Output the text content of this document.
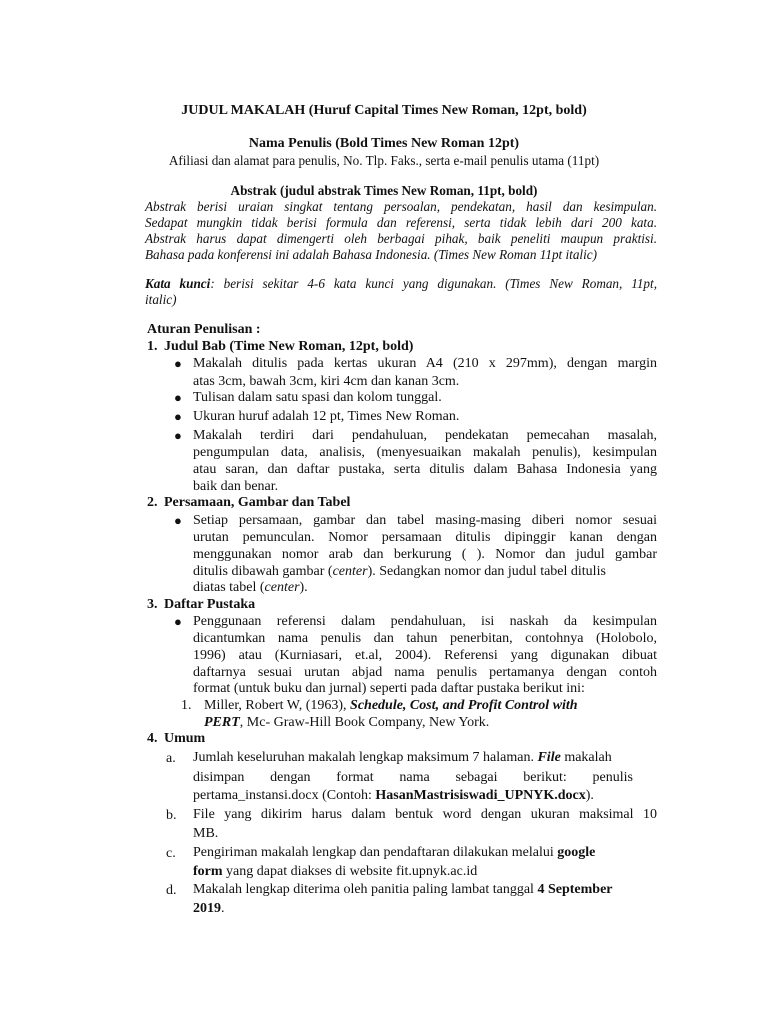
JUDUL MAKALAH (Huruf Capital Times New Roman, 12pt, bold)
Nama Penulis (Bold Times New Roman 12pt)
Afiliasi dan alamat para penulis, No. Tlp. Faks., serta e-mail penulis utama (11pt)
Abstrak (judul abstrak Times New Roman, 11pt, bold)
Abstrak berisi uraian singkat tentang persoalan, pendekatan, hasil dan kesimpulan.
Sedapat mungkin tidak berisi formula dan referensi, serta tidak lebih dari 200 kata.
Abstrak harus dapat dimengerti oleh berbagai pihak, baik peneliti maupun praktisi.
Bahasa pada konferensi ini adalah Bahasa Indonesia. (Times New Roman 11pt italic)
Kata kunci: berisi sekitar 4-6 kata kunci yang digunakan. (Times New Roman, 11pt,
italic)
Aturan Penulisan :
1. Judul Bab (Time New Roman, 12pt, bold)
● Makalah ditulis pada kertas ukuran A4 (210 x 297mm), dengan margin
atas 3cm, bawah 3cm, kiri 4cm dan kanan 3cm.
● Tulisan dalam satu spasi dan kolom tunggal.
● Ukuran huruf adalah 12 pt, Times New Roman.
● Makalah terdiri dari pendahuluan, pendekatan pemecahan masalah,
pengumpulan data, analisis, (menyesuaikan makalah penulis), kesimpulan
atau saran, dan daftar pustaka, serta ditulis dalam Bahasa Indonesia yang
baik dan benar.
2. Persamaan, Gambar dan Tabel
● Setiap persamaan, gambar dan tabel masing-masing diberi nomor sesuai
urutan pemunculan. Nomor persamaan ditulis dipinggir kanan dengan
menggunakan nomor arab dan berkurung ( ). Nomor dan judul gambar
ditulis dibawah gambar (center). Sedangkan nomor dan judul tabel ditulis
diatas tabel (center).
3. Daftar Pustaka
● Penggunaan referensi dalam pendahuluan, isi naskah da kesimpulan
dicantumkan nama penulis dan tahun penerbitan, contohnya (Holobolo,
1996) atau (Kurniasari, et.al, 2004). Referensi yang digunakan dibuat
daftarnya sesuai urutan abjad nama penulis pertamanya dengan contoh
format (untuk buku dan jurnal) seperti pada daftar pustaka berikut ini:
1. Miller, Robert W, (1963), Schedule, Cost, and Profit Control with
PERT, Mc- Graw-Hill Book Company, New York.
4. Umum
a. Jumlah keseluruhan makalah lengkap maksimum 7 halaman. File makalah
disimpan dengan format nama sebagai berikut: penulis
pertama_instansi.docx (Contoh: HasanMastrisiswadi_UPNYK.docx).
b. File yang dikirim harus dalam bentuk word dengan ukuran maksimal 10
MB.
c. Pengiriman makalah lengkap dan pendaftaran dilakukan melalui google
form yang dapat diakses di website fit.upnyk.ac.id
d. Makalah lengkap diterima oleh panitia paling lambat tanggal 4 September
2019.
